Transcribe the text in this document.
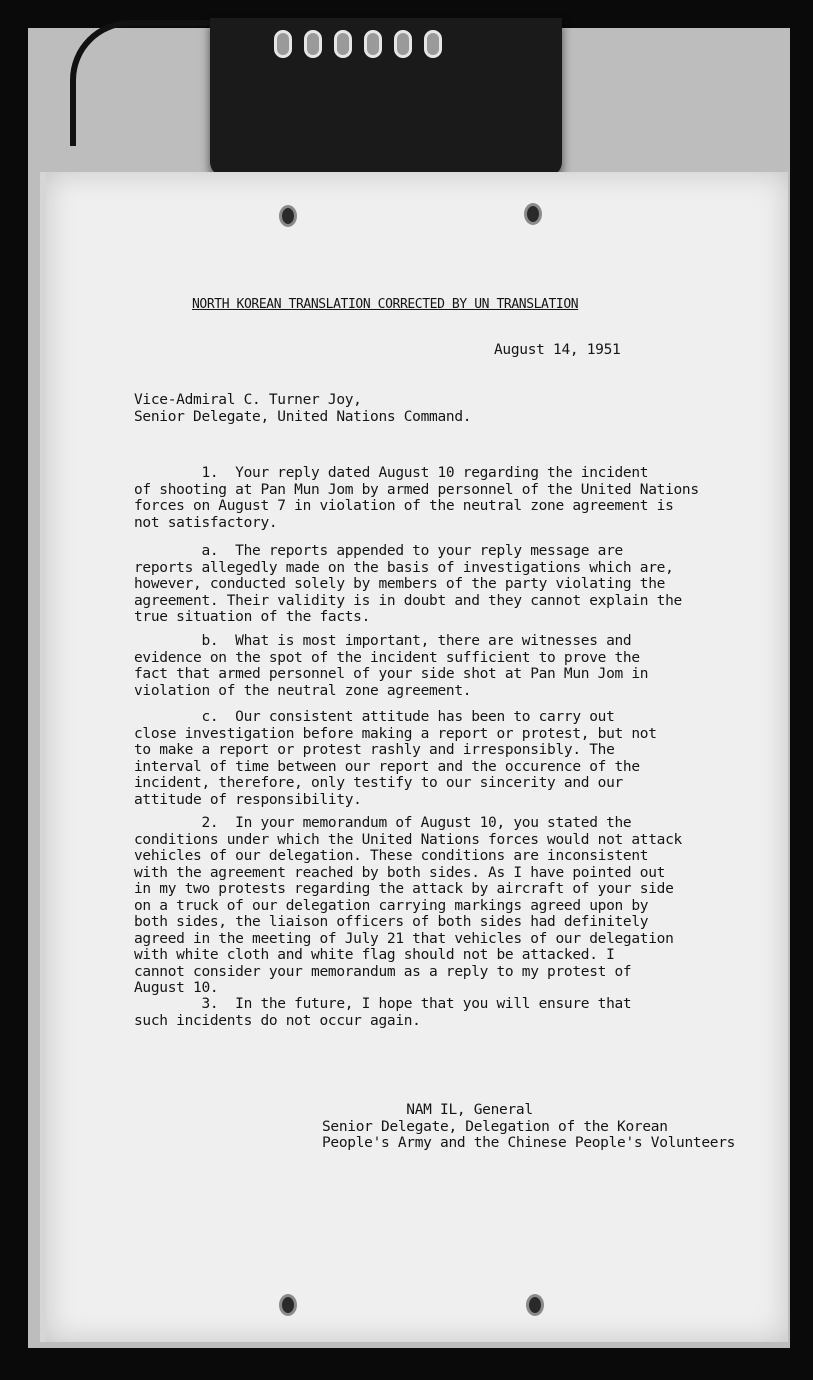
NORTH KOREAN TRANSLATION CORRECTED BY UN TRANSLATION
August 14, 1951
Vice-Admiral C. Turner Joy,
Senior Delegate, United Nations Command.
1.  Your reply dated August 10 regarding the incident
of shooting at Pan Mun Jom by armed personnel of the United Nations
forces on August 7 in violation of the neutral zone agreement is
not satisfactory.
a.  The reports appended to your reply message are
reports allegedly made on the basis of investigations which are,
however, conducted solely by members of the party violating the
agreement. Their validity is in doubt and they cannot explain the
true situation of the facts.
b.  What is most important, there are witnesses and
evidence on the spot of the incident sufficient to prove the
fact that armed personnel of your side shot at Pan Mun Jom in
violation of the neutral zone agreement.
c.  Our consistent attitude has been to carry out
close investigation before making a report or protest, but not
to make a report or protest rashly and irresponsibly. The
interval of time between our report and the occurence of the
incident, therefore, only testify to our sincerity and our
attitude of responsibility.
2.  In your memorandum of August 10, you stated the
conditions under which the United Nations forces would not attack
vehicles of our delegation. These conditions are inconsistent
with the agreement reached by both sides. As I have pointed out
in my two protests regarding the attack by aircraft of your side
on a truck of our delegation carrying markings agreed upon by
both sides, the liaison officers of both sides had definitely
agreed in the meeting of July 21 that vehicles of our delegation
with white cloth and white flag should not be attacked. I
cannot consider your memorandum as a reply to my protest of
August 10.
3.  In the future, I hope that you will ensure that
such incidents do not occur again.
NAM IL, General
Senior Delegate, Delegation of the Korean
People's Army and the Chinese People's Volunteers
